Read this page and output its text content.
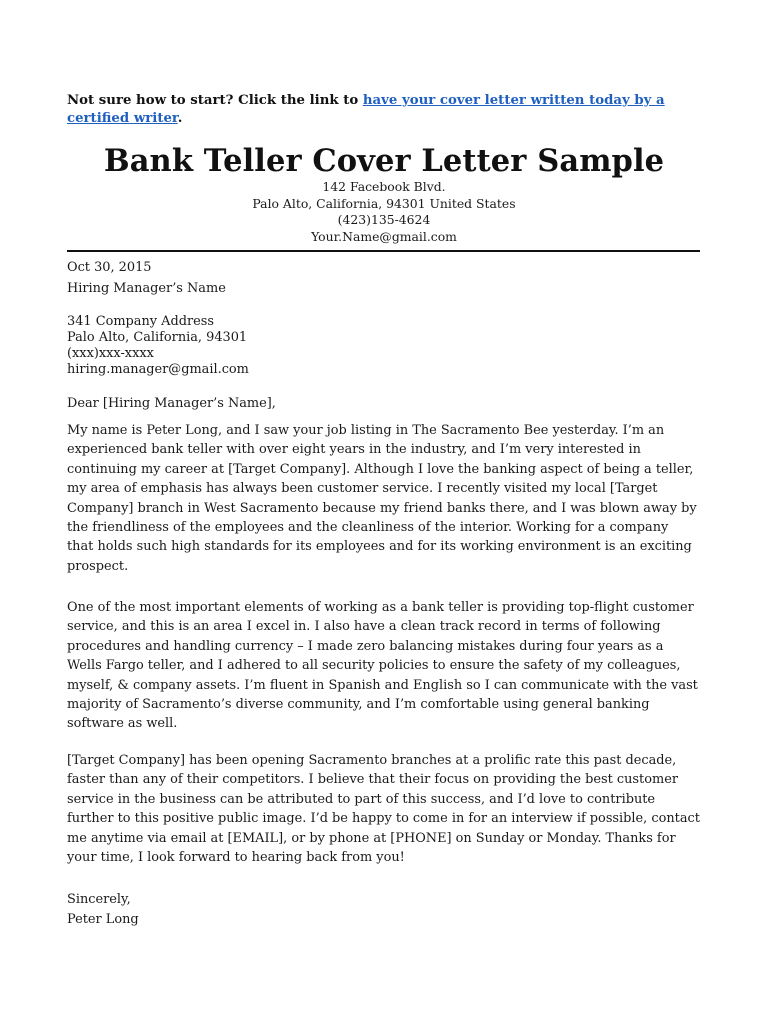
Not sure how to start? Click the link to have your cover letter written today by a certified writer.
Bank Teller Cover Letter Sample
142 Facebook Blvd.
Palo Alto, California, 94301 United States
(423)135-4624
Your.Name@gmail.com
Oct 30, 2015
Hiring Manager’s Name
341 Company Address
Palo Alto, California, 94301
(xxx)xxx-xxxx
hiring.manager@gmail.com
Dear [Hiring Manager’s Name],
My name is Peter Long, and I saw your job listing in The Sacramento Bee yesterday. I’m an
experienced bank teller with over eight years in the industry, and I’m very interested in
continuing my career at [Target Company]. Although I love the banking aspect of being a teller,
my area of emphasis has always been customer service. I recently visited my local [Target
Company] branch in West Sacramento because my friend banks there, and I was blown away by
the friendliness of the employees and the cleanliness of the interior. Working for a company
that holds such high standards for its employees and for its working environment is an exciting
prospect.
One of the most important elements of working as a bank teller is providing top-flight customer
service, and this is an area I excel in. I also have a clean track record in terms of following
procedures and handling currency – I made zero balancing mistakes during four years as a
Wells Fargo teller, and I adhered to all security policies to ensure the safety of my colleagues,
myself, & company assets. I’m fluent in Spanish and English so I can communicate with the vast
majority of Sacramento’s diverse community, and I’m comfortable using general banking
software as well.
[Target Company] has been opening Sacramento branches at a prolific rate this past decade,
faster than any of their competitors. I believe that their focus on providing the best customer
service in the business can be attributed to part of this success, and I’d love to contribute
further to this positive public image. I’d be happy to come in for an interview if possible, contact
me anytime via email at [EMAIL], or by phone at [PHONE] on Sunday or Monday. Thanks for
your time, I look forward to hearing back from you!
Sincerely,
Peter Long
